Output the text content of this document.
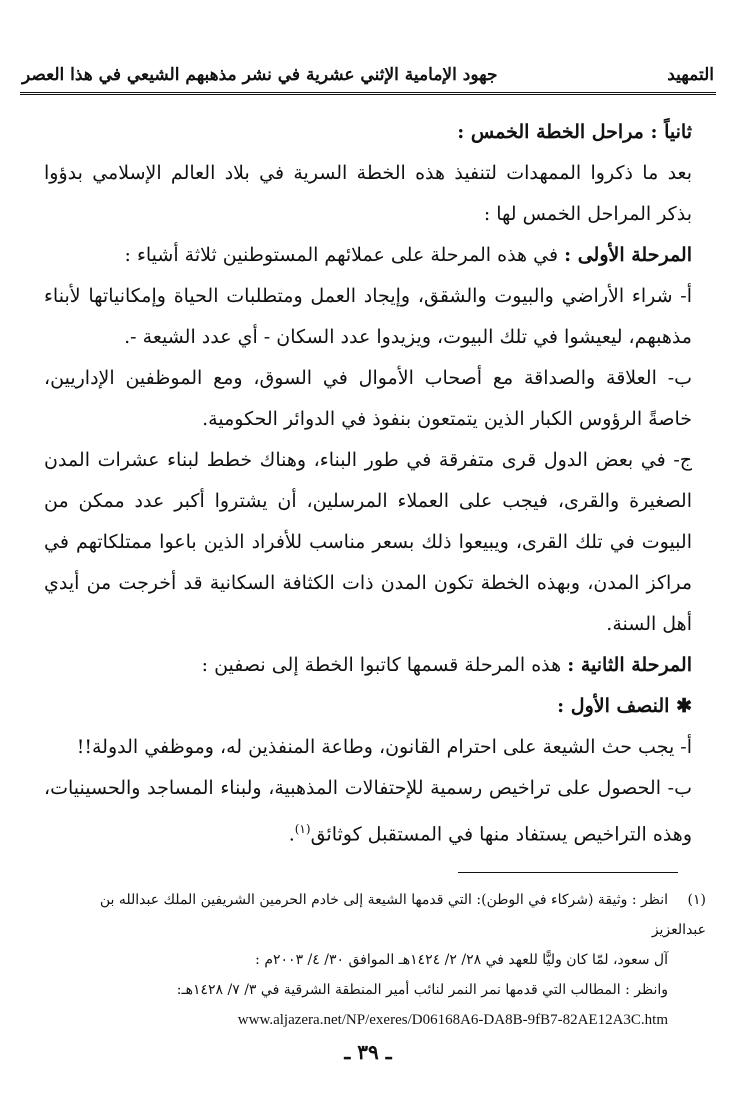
التمهيد
جهود الإمامية الإثني عشرية في نشر مذهبهم الشيعي في هذا العصر

ثانياً : مراحل الخطة الخمس :

بعد ما ذكروا الممهدات لتنفيذ هذه الخطة السرية في بلاد العالم الإسلامي بدؤوا بذكر المراحل الخمس لها :

المرحلة الأولى : في هذه المرحلة على عملائهم المستوطنين ثلاثة أشياء :

أ- شراء الأراضي والبيوت والشقق، وإيجاد العمل ومتطلبات الحياة وإمكانياتها لأبناء مذهبهم، ليعيشوا في تلك البيوت، ويزيدوا عدد السكان - أي عدد الشيعة -.

ب- العلاقة والصداقة مع أصحاب الأموال في السوق، ومع الموظفين الإداريين، خاصةً الرؤوس الكبار الذين يتمتعون بنفوذ في الدوائر الحكومية.

ج- في بعض الدول قرى متفرقة في طور البناء، وهناك خطط لبناء عشرات المدن الصغيرة والقرى، فيجب على العملاء المرسلين، أن يشتروا أكبر عدد ممكن من البيوت في تلك القرى، ويبيعوا ذلك بسعر مناسب للأفراد الذين باعوا ممتلكاتهم في مراكز المدن، وبهذه الخطة تكون المدن ذات الكثافة السكانية قد أخرجت من أيدي أهل السنة.

المرحلة الثانية : هذه المرحلة قسمها كاتبوا الخطة إلى نصفين :

✱ النصف الأول :

أ- يجب حث الشيعة على احترام القانون، وطاعة المنفذين له، وموظفي الدولة!!

ب- الحصول على تراخيص رسمية للإحتفالات المذهبية، ولبناء المساجد والحسينيات، وهذه التراخيص يستفاد منها في المستقبل كوثائق$^{(١)}$.

(١)انظر : وثيقة (شركاء في الوطن): التي قدمها الشيعة إلى خادم الحرمين الشريفين الملك عبدالله بن عبدالعزيز

آل سعود، لمّا كان وليًّا للعهد في ٢٨/ ٢/ ١٤٢٤هـ الموافق ٣٠/ ٤/ ٢٠٠٣م :

وانظر : المطالب التي قدمها نمر النمر لنائب أمير المنطقة الشرقية في ٣/ ٧/ ١٤٢٨هـ:

www.aljazera.net/NP/exeres/D06168A6-DA8B-9fB7-82AE12A3C.htm

ـ ٣٩ ـ
